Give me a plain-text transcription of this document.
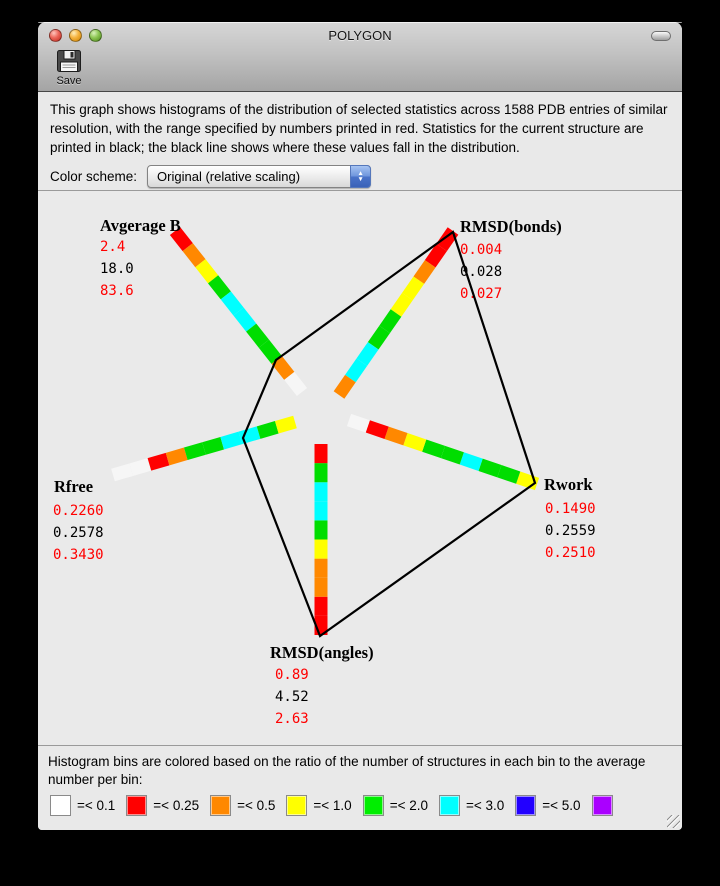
POLYGON
Save
This graph shows histograms of the distribution of selected statistics across 1588 PDB entries of similar resolution, with the range specified by numbers printed in red. Statistics for the current structure are printed in black; the black line shows where these values fall in the distribution.
Color scheme: Original (relative scaling)	▲
▼
Avgerage B
2.4
18.0
83.6
RMSD(bonds)
0.004
0.028
0.027
Rwork
0.1490
0.2559
0.2510
RMSD(angles)
0.89
4.52
2.63
Rfree
0.2260
0.2578
0.3430
Histogram bins are colored based on the ratio of the number of structures in each bin to the average number per bin:
=< 0.1	=< 0.25	=< 0.5	=< 1.0	=< 2.0	=< 3.0	=< 5.0
